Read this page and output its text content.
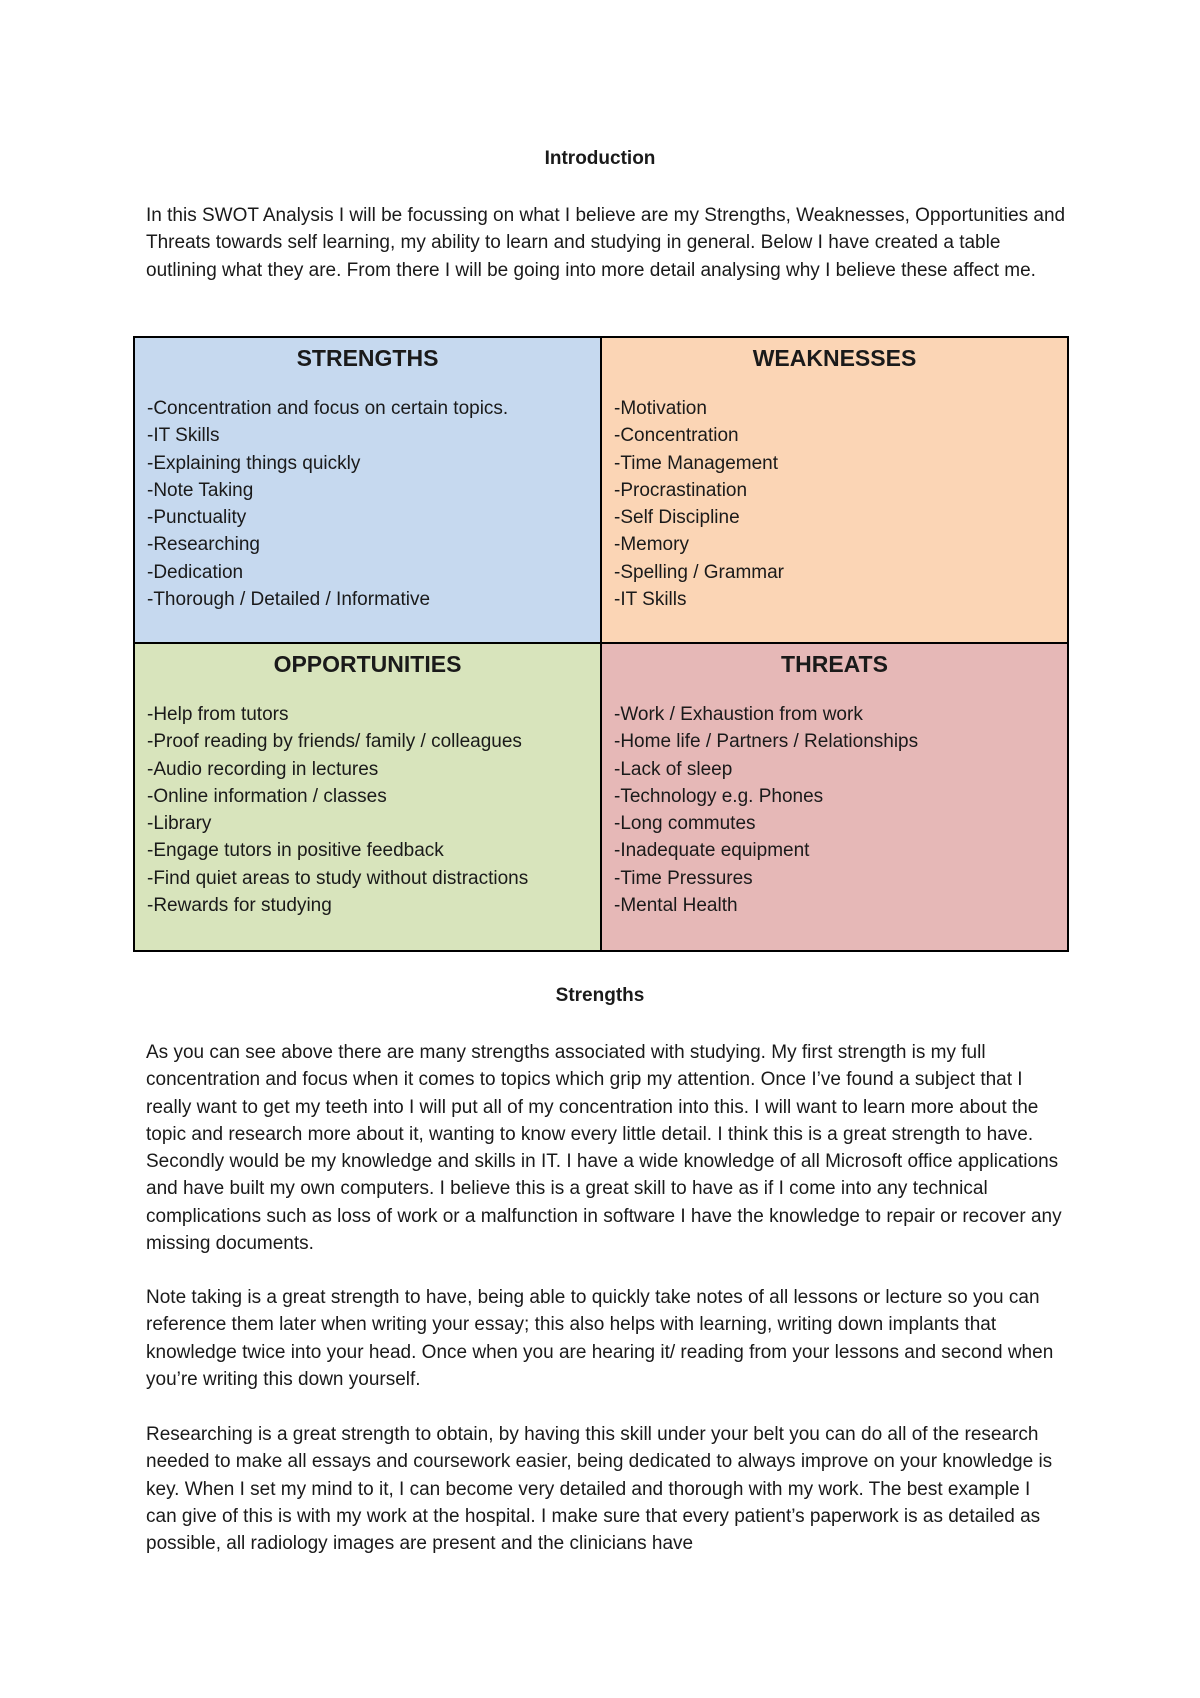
Introduction

In this SWOT Analysis I will be focussing on what I believe are my Strengths, Weaknesses, Opportunities and Threats towards self learning, my ability to learn and studying in general. Below I have created a table outlining what they are. From there I will be going into more detail analysing why I believe these affect me.

STRENGTHS
-Concentration and focus on certain topics.
-IT Skills
-Explaining things quickly
-Note Taking
-Punctuality
-Researching
-Dedication
-Thorough / Detailed / Informative
WEAKNESSES
-Motivation
-Concentration
-Time Management
-Procrastination
-Self Discipline
-Memory
-Spelling / Grammar
-IT Skills
OPPORTUNITIES
-Help from tutors
-Proof reading by friends/ family / colleagues
-Audio recording in lectures
-Online information / classes
-Library
-Engage tutors in positive feedback
-Find quiet areas to study without distractions
-Rewards for studying
THREATS
-Work / Exhaustion from work
-Home life / Partners / Relationships
-Lack of sleep
-Technology e.g. Phones
-Long commutes
-Inadequate equipment
-Time Pressures
-Mental Health
Strengths

As you can see above there are many strengths associated with studying. My first strength is my full concentration and focus when it comes to topics which grip my attention. Once I’ve found a subject that I really want to get my teeth into I will put all of my concentration into this. I will want to learn more about the topic and research more about it, wanting to know every little detail. I think this is a great strength to have. Secondly would be my knowledge and skills in IT. I have a wide knowledge of all Microsoft office applications and have built my own computers. I believe this is a great skill to have as if I come into any technical complications such as loss of work or a malfunction in software I have the knowledge to repair or recover any missing documents.

Note taking is a great strength to have, being able to quickly take notes of all lessons or lecture so you can reference them later when writing your essay; this also helps with learning, writing down implants that knowledge twice into your head. Once when you are hearing it/ reading from your lessons and second when you’re writing this down yourself.

Researching is a great strength to obtain, by having this skill under your belt you can do all of the research needed to make all essays and coursework easier, being dedicated to always improve on your knowledge is key. When I set my mind to it, I can become very detailed and thorough with my work. The best example I can give of this is with my work at the hospital. I make sure that every patient’s paperwork is as detailed as possible, all radiology images are present and the clinicians have
